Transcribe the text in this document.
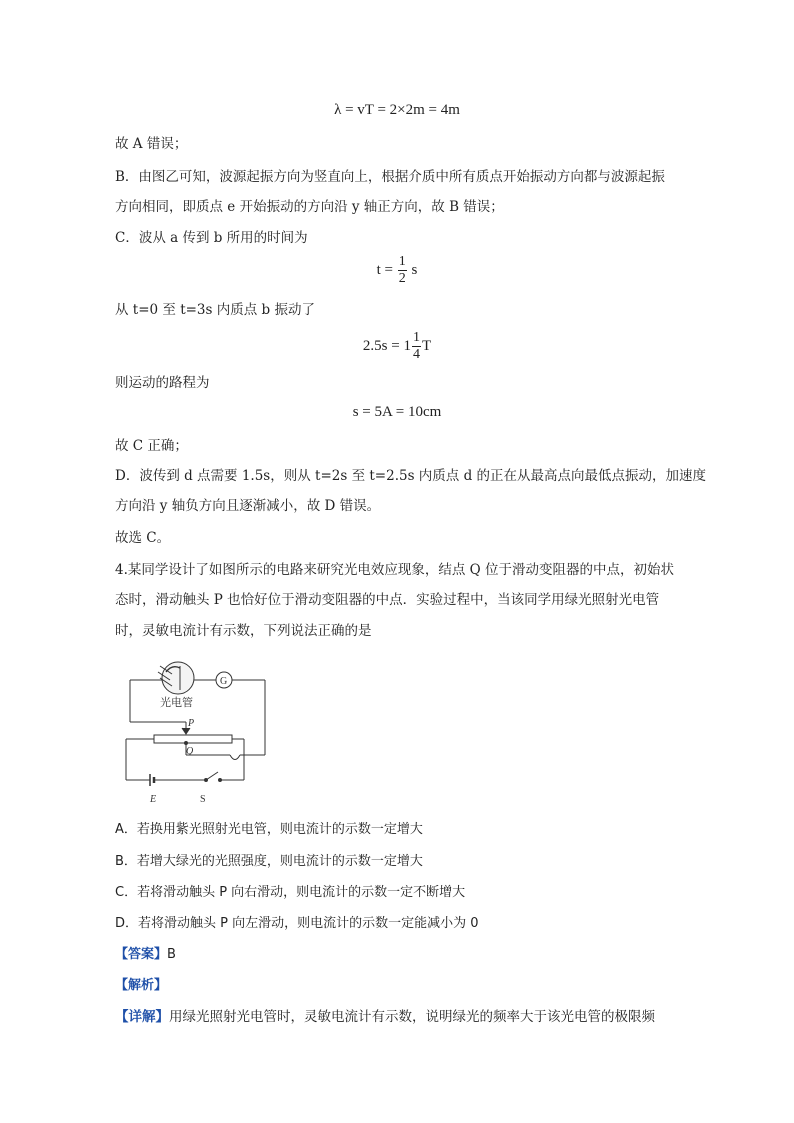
λ = vT = 2×2m = 4m
故 A 错误；
B．由图乙可知，波源起振方向为竖直向上，根据介质中所有质点开始振动方向都与波源起振
方向相同，即质点 e 开始振动的方向沿 y 轴正方向，故 B 错误；
C．波从 a 传到 b 所用的时间为
$t = \frac{1}{2}$ s
从 t=0 至 t=3s 内质点 b 振动了
$2.5s = 1 \frac{1}{4}$ T
则运动的路程为
s = 5A = 10cm
故 C 正确；
D．波传到 d 点需要 1.5s，则从 t=2s 至 t=2.5s 内质点 d 的正在从最高点向最低点振动，加速度
方向沿 y 轴负方向且逐渐减小，故 D 错误。
故选 C。
4.某同学设计了如图所示的电路来研究光电效应现象，结点 Q 位于滑动变阻器的中点，初始状
态时，滑动触头 P 也恰好位于滑动变阻器的中点．实验过程中，当该同学用绿光照射光电管
时，灵敏电流计有示数，下列说法正确的是
光电管
G
P
Q
E	S
A．若换用紫光照射光电管，则电流计的示数一定增大
B．若增大绿光的光照强度，则电流计的示数一定增大
C．若将滑动触头 P 向右滑动，则电流计的示数一定不断增大
D．若将滑动触头 P 向左滑动，则电流计的示数一定能减小为 0
【答案】B
【解析】
【详解】用绿光照射光电管时，灵敏电流计有示数，说明绿光的频率大于该光电管的极限频
